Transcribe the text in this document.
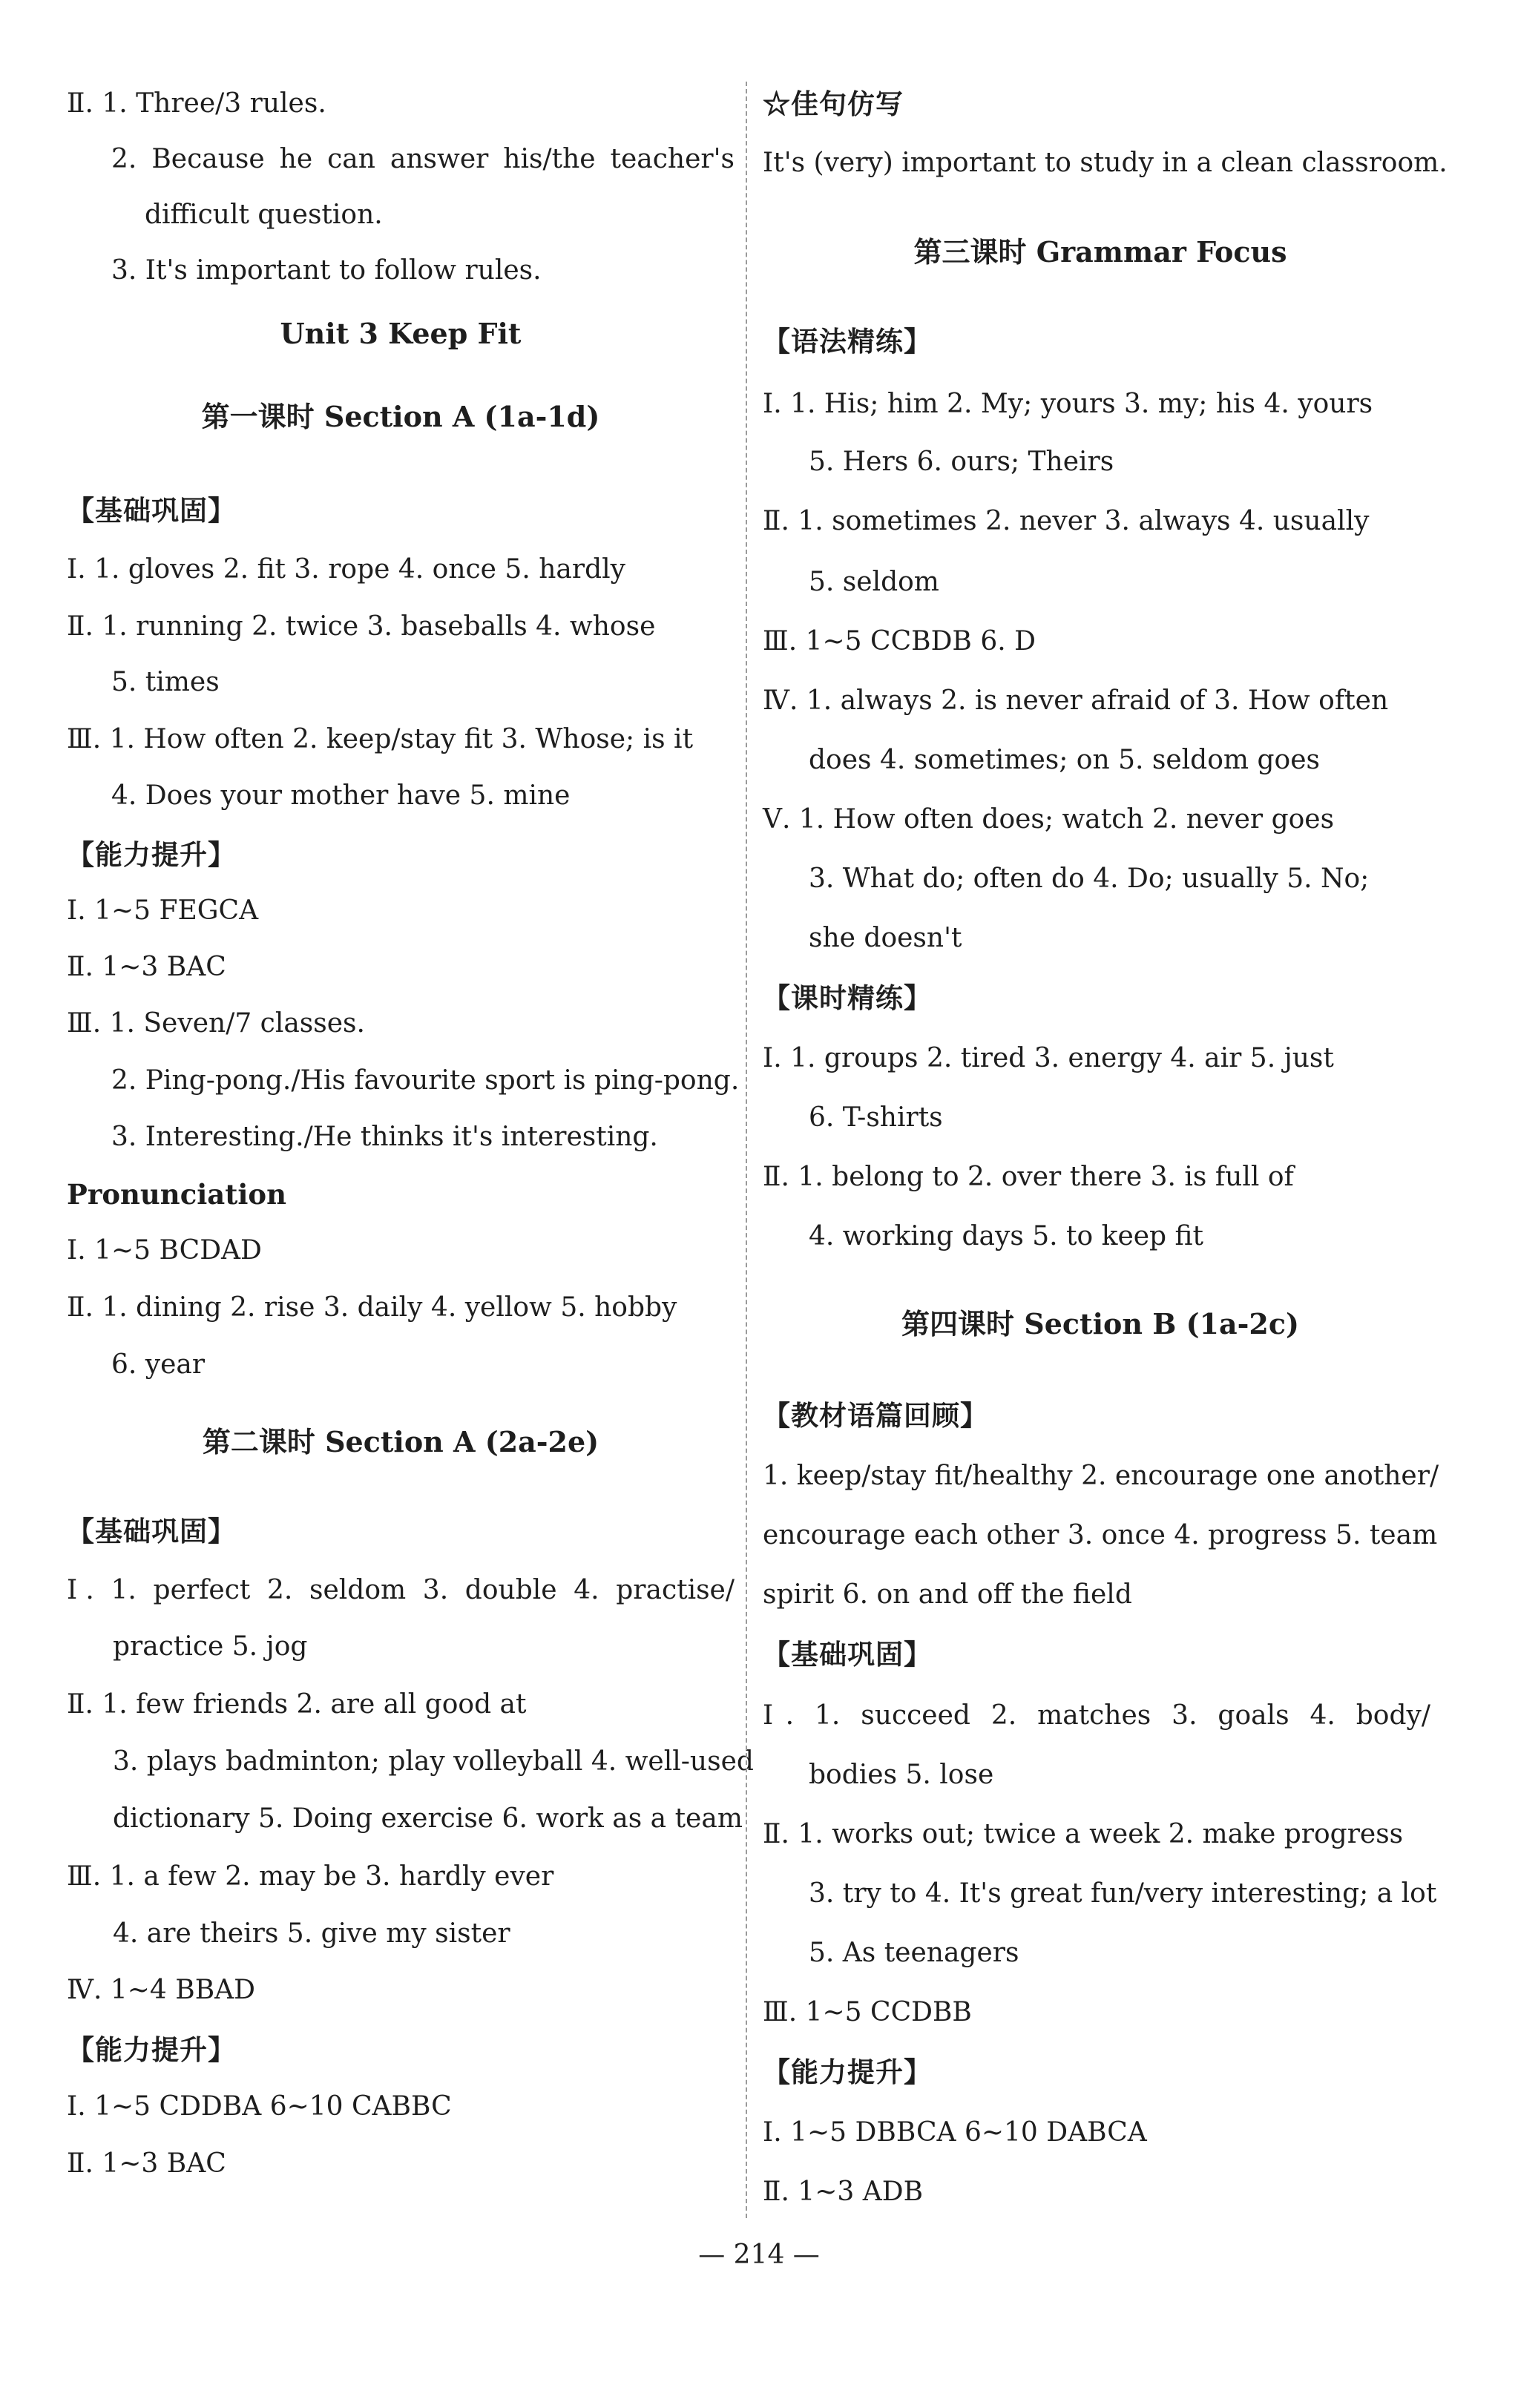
Ⅱ. 1. Three/3 rules.
2. Because he can answer his/the teacher's
difficult question.
3. It's important to follow rules.
Unit 3 Keep Fit
第一课时 Section A (1a-1d)
【基础巩固】
Ⅰ. 1. gloves 2. fit 3. rope 4. once 5. hardly
Ⅱ. 1. running 2. twice 3. baseballs 4. whose
5. times
Ⅲ. 1. How often 2. keep/stay fit 3. Whose; is it
4. Does your mother have 5. mine
【能力提升】
Ⅰ. 1~5 FEGCA
Ⅱ. 1~3 BAC
Ⅲ. 1. Seven/7 classes.
2. Ping-pong./His favourite sport is ping-pong.
3. Interesting./He thinks it's interesting.
Pronunciation
Ⅰ. 1~5 BCDAD
Ⅱ. 1. dining 2. rise 3. daily 4. yellow 5. hobby
6. year
第二课时 Section A (2a-2e)
【基础巩固】
Ⅰ. 1. perfect 2. seldom 3. double 4. practise/
practice 5. jog
Ⅱ. 1. few friends 2. are all good at
3. plays badminton; play volleyball 4. well-used
dictionary 5. Doing exercise 6. work as a team
Ⅲ. 1. a few 2. may be 3. hardly ever
4. are theirs 5. give my sister
Ⅳ. 1~4 BBAD
【能力提升】
Ⅰ. 1~5 CDDBA 6~10 CABBC
Ⅱ. 1~3 BAC
☆佳句仿写
It's (very) important to study in a clean classroom.
第三课时 Grammar Focus
【语法精练】
Ⅰ. 1. His; him 2. My; yours 3. my; his 4. yours
5. Hers 6. ours; Theirs
Ⅱ. 1. sometimes 2. never 3. always 4. usually
5. seldom
Ⅲ. 1~5 CCBDB 6. D
Ⅳ. 1. always 2. is never afraid of 3. How often
does 4. sometimes; on 5. seldom goes
Ⅴ. 1. How often does; watch 2. never goes
3. What do; often do 4. Do; usually 5. No;
she doesn't
【课时精练】
Ⅰ. 1. groups 2. tired 3. energy 4. air 5. just
6. T-shirts
Ⅱ. 1. belong to 2. over there 3. is full of
4. working days 5. to keep fit
第四课时 Section B (1a-2c)
【教材语篇回顾】
1. keep/stay fit/healthy 2. encourage one another/
encourage each other 3. once 4. progress 5. team
spirit 6. on and off the field
【基础巩固】
Ⅰ. 1. succeed 2. matches 3. goals 4. body/
bodies 5. lose
Ⅱ. 1. works out; twice a week 2. make progress
3. try to 4. It's great fun/very interesting; a lot
5. As teenagers
Ⅲ. 1~5 CCDBB
【能力提升】
Ⅰ. 1~5 DBBCA 6~10 DABCA
Ⅱ. 1~3 ADB
— 214 —
